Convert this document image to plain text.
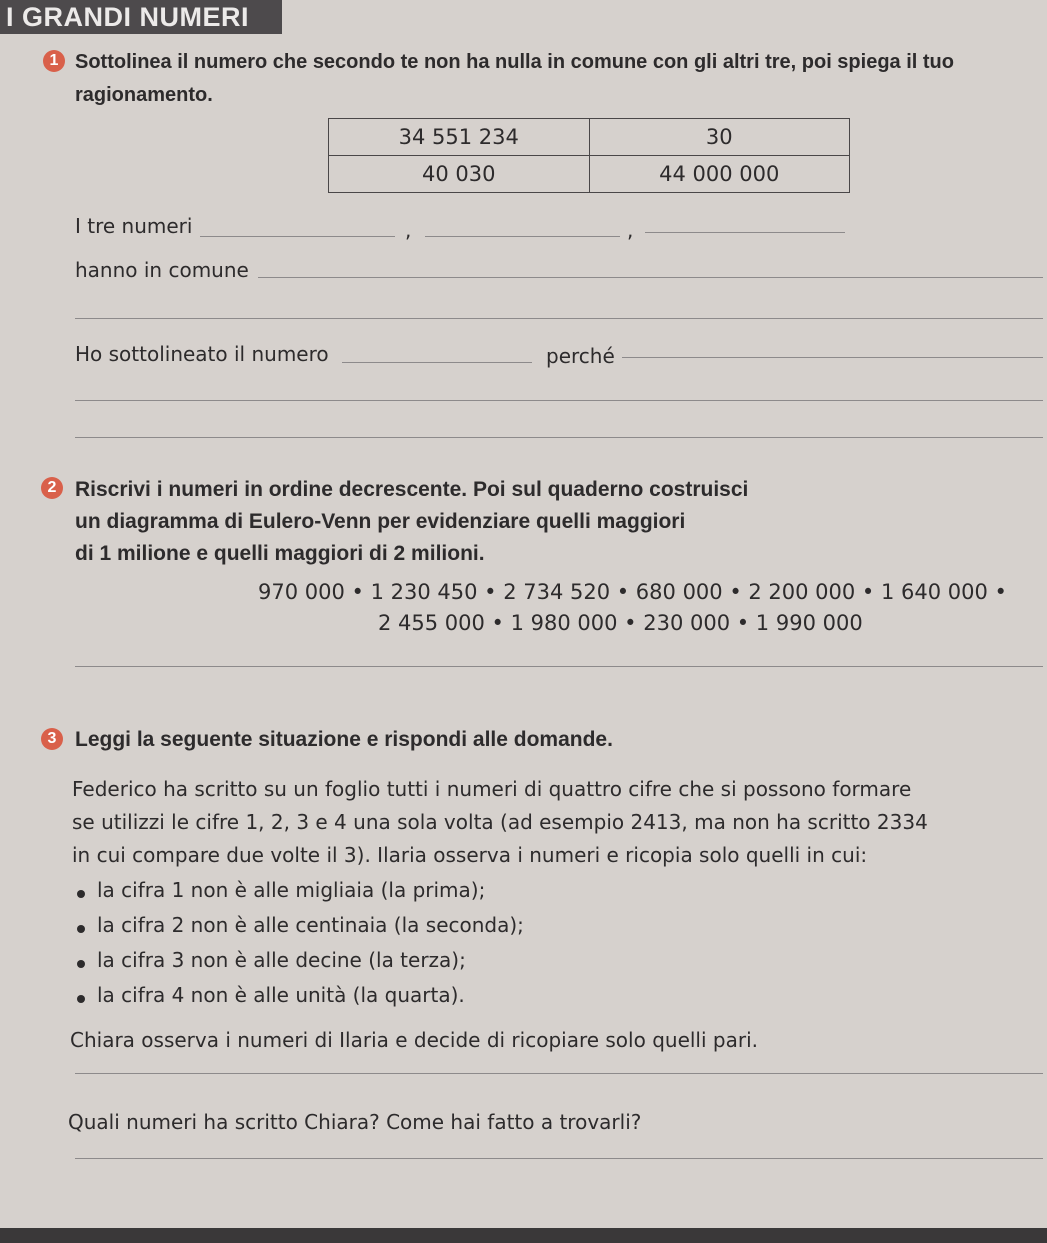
I GRANDI NUMERI
1 Sottolinea il numero che secondo te non ha nulla in comune con gli altri tre, poi spiega il tuo
ragionamento.
34 551 234	30
40 030	44 000 000
I tre numeri	,	,
hanno in comune
Ho sottolineato il numero	perché
2 Riscrivi i numeri in ordine decrescente. Poi sul quaderno costruisci
un diagramma di Eulero-Venn per evidenziare quelli maggiori
di 1 milione e quelli maggiori di 2 milioni.
970 000 • 1 230 450 • 2 734 520 • 680 000 • 2 200 000 • 1 640 000 •
2 455 000 • 1 980 000 • 230 000 • 1 990 000
3 Leggi la seguente situazione e rispondi alle domande.
Federico ha scritto su un foglio tutti i numeri di quattro cifre che si possono formare
se utilizzi le cifre 1, 2, 3 e 4 una sola volta (ad esempio 2413, ma non ha scritto 2334
in cui compare due volte il 3). Ilaria osserva i numeri e ricopia solo quelli in cui:
la cifra 1 non è alle migliaia (la prima);
la cifra 2 non è alle centinaia (la seconda);
la cifra 3 non è alle decine (la terza);
la cifra 4 non è alle unità (la quarta).
Chiara osserva i numeri di Ilaria e decide di ricopiare solo quelli pari.
Quali numeri ha scritto Chiara? Come hai fatto a trovarli?
